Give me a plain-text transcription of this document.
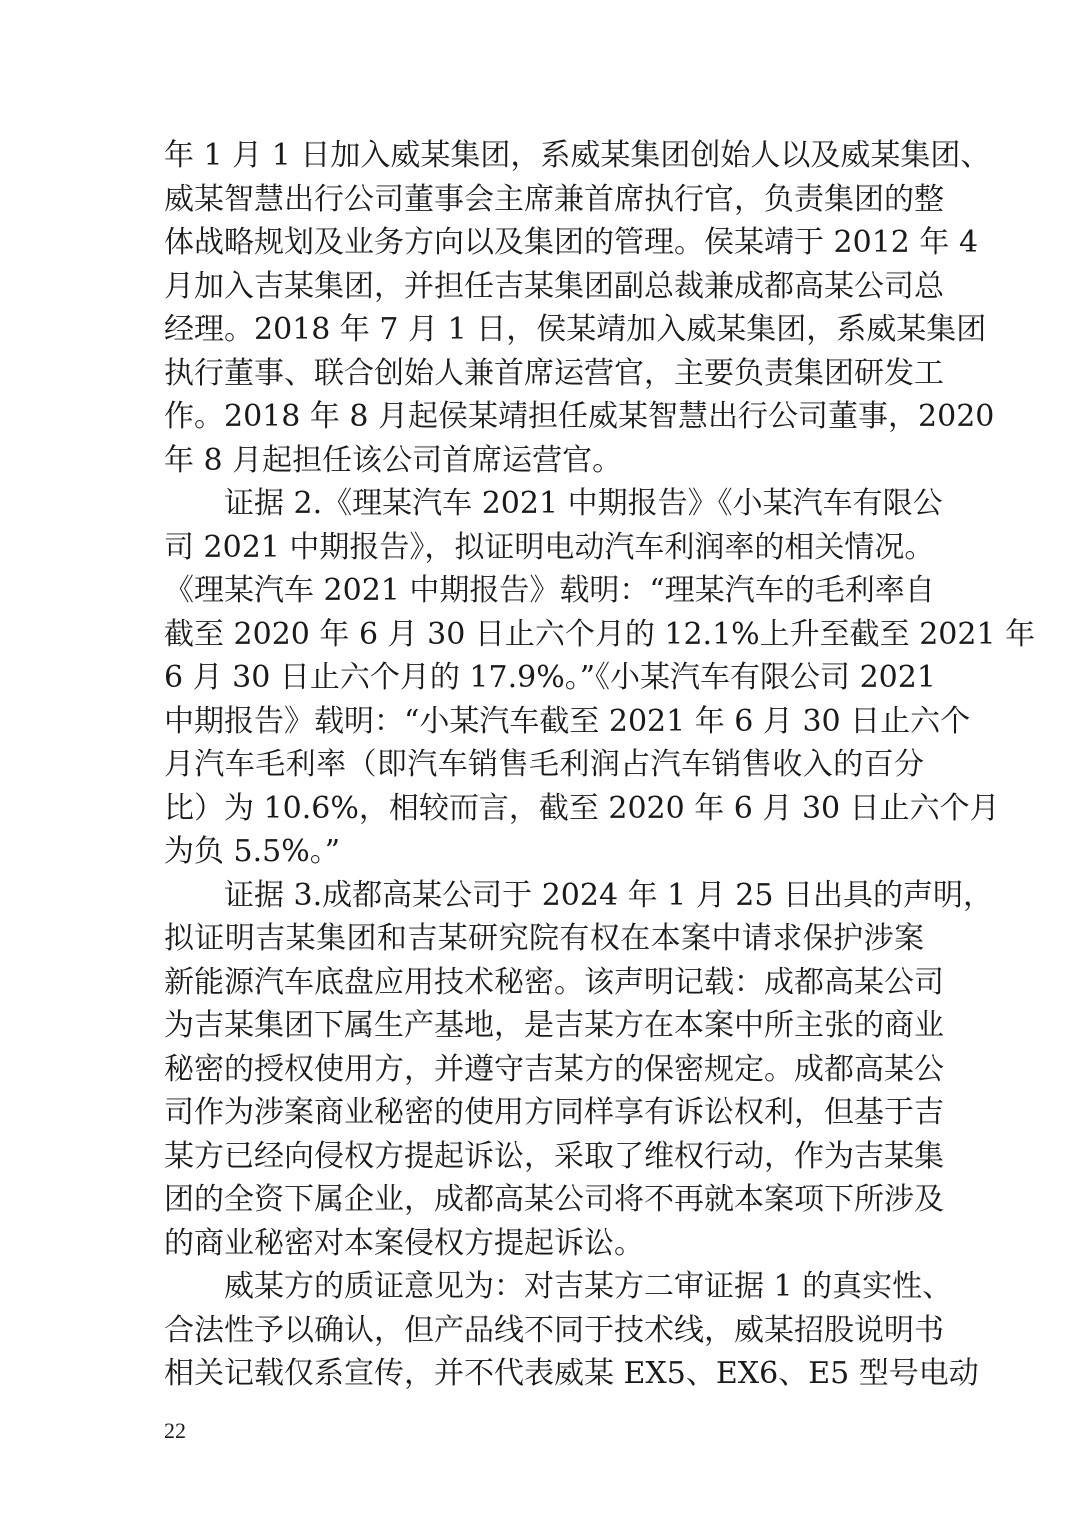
年 1 月 1 日加入威某集团，系威某集团创始人以及威某集团、
威某智慧出行公司董事会主席兼首席执行官，负责集团的整
体战略规划及业务方向以及集团的管理。侯某靖于 2012 年 4
月加入吉某集团，并担任吉某集团副总裁兼成都高某公司总
经理。2018 年 7 月 1 日，侯某靖加入威某集团，系威某集团
执行董事、联合创始人兼首席运营官，主要负责集团研发工
作。2018 年 8 月起侯某靖担任威某智慧出行公司董事，2020
年 8 月起担任该公司首席运营官。
证据 2.《理某汽车 2021 中期报告》《小某汽车有限公
司 2021 中期报告》，拟证明电动汽车利润率的相关情况。
《理某汽车 2021 中期报告》载明：“理某汽车的毛利率自
截至 2020 年 6 月 30 日止六个月的 12.1%上升至截至 2021 年
6 月 30 日止六个月的 17.9%。”《小某汽车有限公司 2021
中期报告》载明：“小某汽车截至 2021 年 6 月 30 日止六个
月汽车毛利率（即汽车销售毛利润占汽车销售收入的百分
比）为 10.6%，相较而言，截至 2020 年 6 月 30 日止六个月
为负 5.5%。”
证据 3.成都高某公司于 2024 年 1 月 25 日出具的声明，
拟证明吉某集团和吉某研究院有权在本案中请求保护涉案
新能源汽车底盘应用技术秘密。该声明记载：成都高某公司
为吉某集团下属生产基地，是吉某方在本案中所主张的商业
秘密的授权使用方，并遵守吉某方的保密规定。成都高某公
司作为涉案商业秘密的使用方同样享有诉讼权利，但基于吉
某方已经向侵权方提起诉讼，采取了维权行动，作为吉某集
团的全资下属企业，成都高某公司将不再就本案项下所涉及
的商业秘密对本案侵权方提起诉讼。
威某方的质证意见为：对吉某方二审证据 1 的真实性、
合法性予以确认，但产品线不同于技术线，威某招股说明书
相关记载仅系宣传，并不代表威某 EX5、EX6、E5 型号电动
22
